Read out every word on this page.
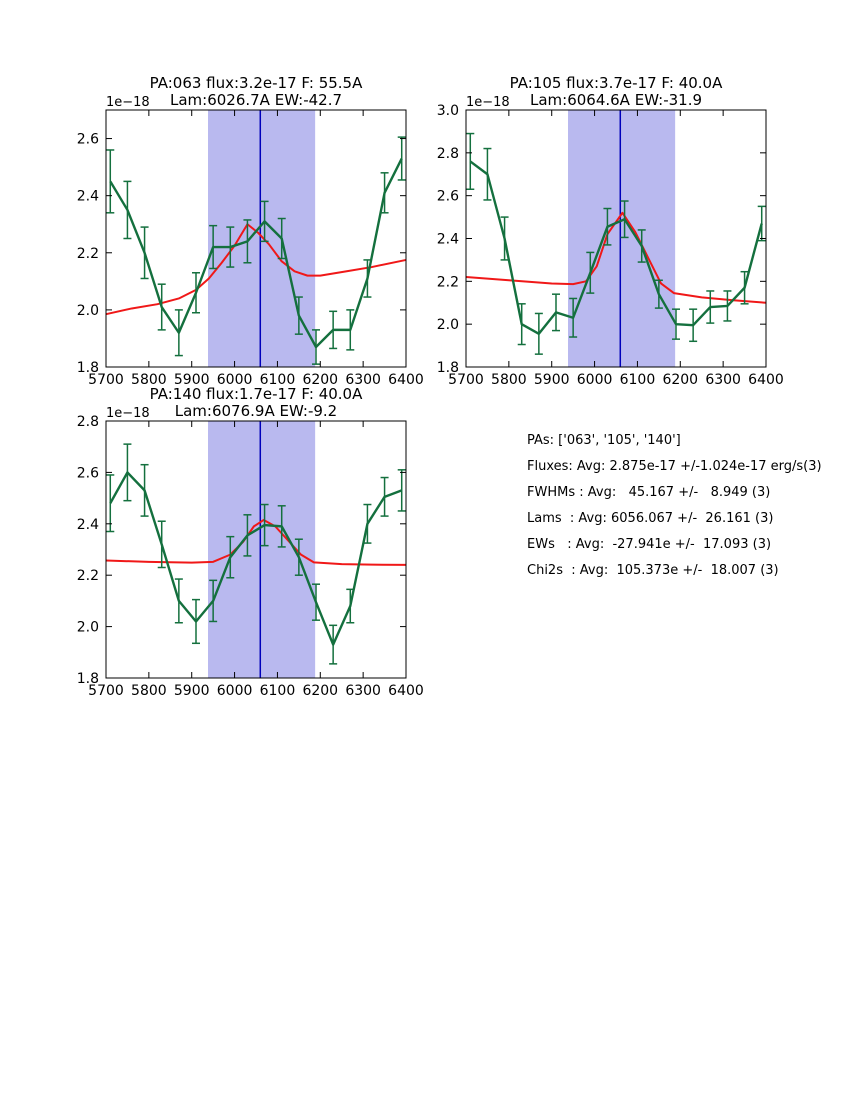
PA:063 flux:3.2e-17 F: 55.5A
Lam:6026.7A EW:-42.7
1e−18
5700 5800 5900 6000 6100 6200 6300 6400
1.8
2.0
2.2
2.4
2.6
PA:105 flux:3.7e-17 F: 40.0A
Lam:6064.6A EW:-31.9
1e−18
5700 5800 5900 6000 6100 6200 6300 6400
1.8
2.0
2.2
2.4
2.6
2.8
3.0
PA:140 flux:1.7e-17 F: 40.0A
Lam:6076.9A EW:-9.2
1e−18
5700 5800 5900 6000 6100 6200 6300 6400
1.8
2.0
2.2
2.4
2.6
2.8
PAs: ['063', '105', '140']
Fluxes: Avg: 2.875e-17 +/-1.024e-17 erg/s(3)
FWHMs : Avg:   45.167 +/-   8.949 (3)
Lams  : Avg: 6056.067 +/-  26.161 (3)
EWs   : Avg:  -27.941e +/-  17.093 (3)
Chi2s  : Avg:  105.373e +/-  18.007 (3)
